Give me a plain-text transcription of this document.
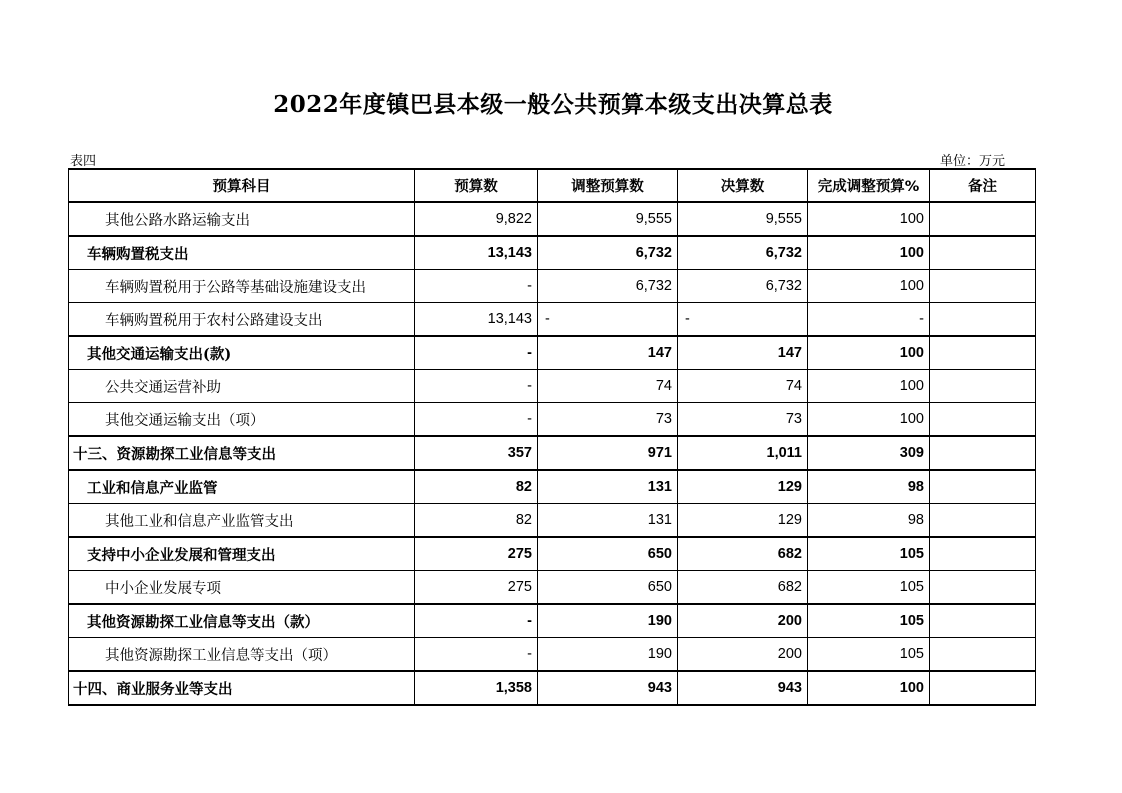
2022年度镇巴县本级一般公共预算本级支出决算总表
表四	单位：万元
预算科目	预算数	调整预算数	决算数	完成调整预算%	备注
其他公路水路运输支出	9,822	9,555	9,555	100	
车辆购置税支出	13,143	6,732	6,732	100	
车辆购置税用于公路等基础设施建设支出	-	6,732	6,732	100	
车辆购置税用于农村公路建设支出	13,143	-	-	-	
其他交通运输支出(款)	-	147	147	100	
公共交通运营补助	-	74	74	100	
其他交通运输支出（项）	-	73	73	100	
十三、资源勘探工业信息等支出	357	971	1,011	309	
工业和信息产业监管	82	131	129	98	
其他工业和信息产业监管支出	82	131	129	98	
支持中小企业发展和管理支出	275	650	682	105	
中小企业发展专项	275	650	682	105	
其他资源勘探工业信息等支出（款）	-	190	200	105	
其他资源勘探工业信息等支出（项）	-	190	200	105	
十四、商业服务业等支出	1,358	943	943	100	
